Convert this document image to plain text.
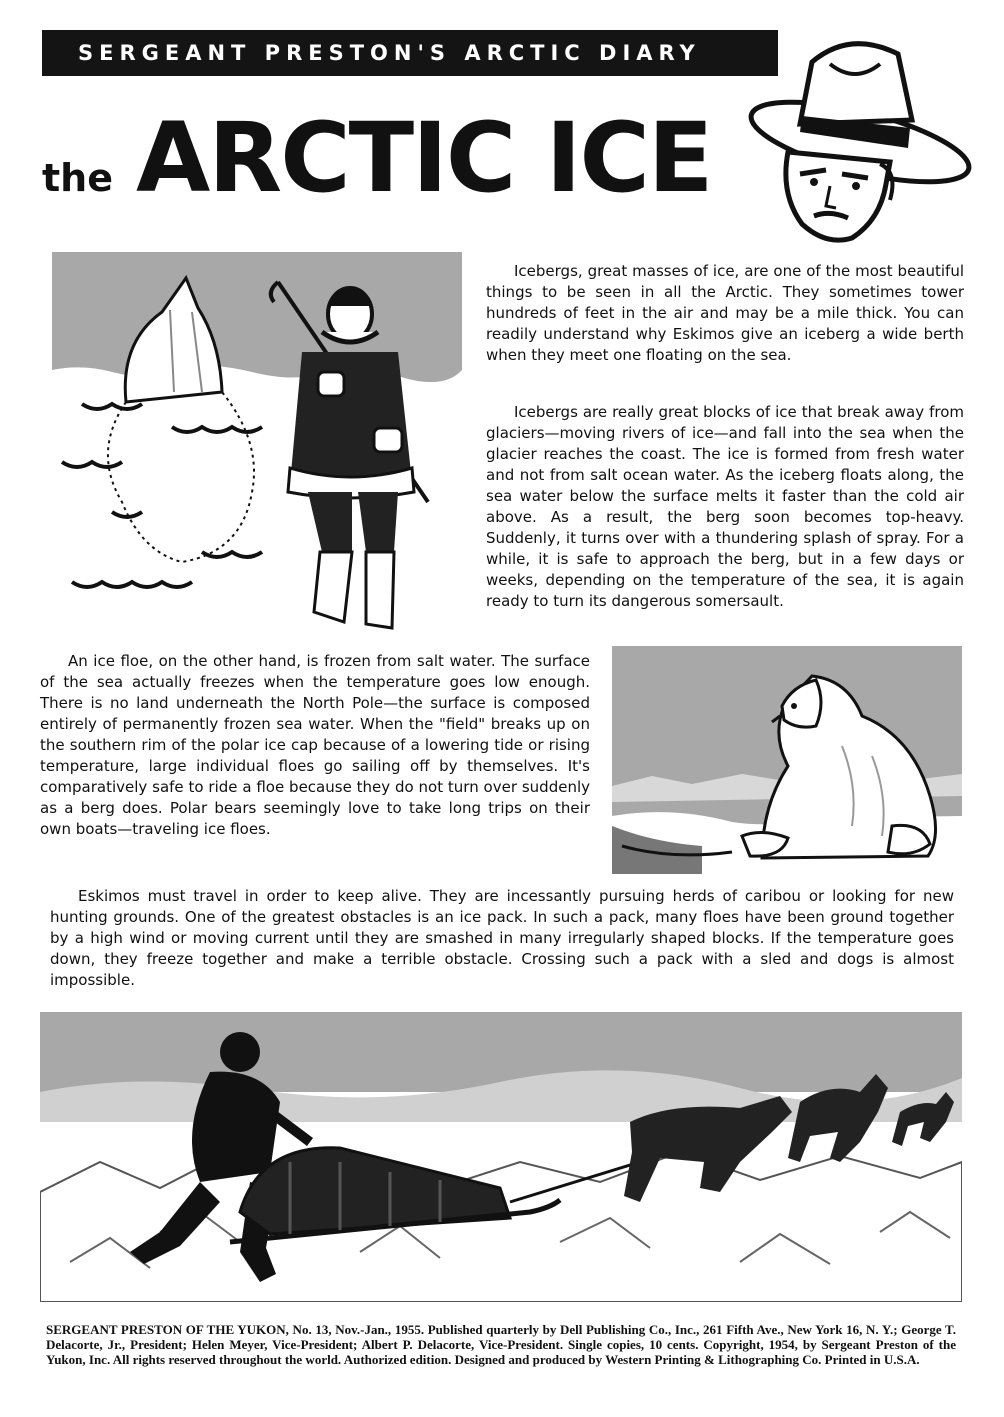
SERGEANT PRESTON'S ARCTIC DIARY
the ARCTIC ICE
Icebergs, great masses of ice, are one of the most beautiful things to be seen in all the Arctic. They sometimes tower hundreds of feet in the air and may be a mile thick. You can readily understand why Eskimos give an iceberg a wide berth when they meet one floating on the sea.
Icebergs are really great blocks of ice that break away from glaciers—moving rivers of ice—and fall into the sea when the glacier reaches the coast. The ice is formed from fresh water and not from salt ocean water. As the iceberg floats along, the sea water below the surface melts it faster than the cold air above. As a result, the berg soon becomes top-heavy. Suddenly, it turns over with a thundering splash of spray. For a while, it is safe to approach the berg, but in a few days or weeks, depending on the temperature of the sea, it is again ready to turn its dangerous somersault.
An ice floe, on the other hand, is frozen from salt water. The surface of the sea actually freezes when the temperature goes low enough. There is no land underneath the North Pole—the surface is composed entirely of permanently frozen sea water. When the "field" breaks up on the southern rim of the polar ice cap because of a lowering tide or rising temperature, large individual floes go sailing off by themselves. It's comparatively safe to ride a floe because they do not turn over suddenly as a berg does. Polar bears seemingly love to take long trips on their own boats—traveling ice floes.
Eskimos must travel in order to keep alive. They are incessantly pursuing herds of caribou or looking for new hunting grounds. One of the greatest obstacles is an ice pack. In such a pack, many floes have been ground together by a high wind or moving current until they are smashed in many irregularly shaped blocks. If the temperature goes down, they freeze together and make a terrible obstacle. Crossing such a pack with a sled and dogs is almost impossible.
SERGEANT PRESTON OF THE YUKON, No. 13, Nov.-Jan., 1955. Published quarterly by Dell Publishing Co., Inc., 261 Fifth Ave., New York 16, N. Y.; George T. Delacorte, Jr., President; Helen Meyer, Vice-President; Albert P. Delacorte, Vice-President. Single copies, 10 cents. Copyright, 1954, by Sergeant Preston of the Yukon, Inc. All rights reserved throughout the world. Authorized edition. Designed and produced by Western Printing & Lithographing Co. Printed in U.S.A.
